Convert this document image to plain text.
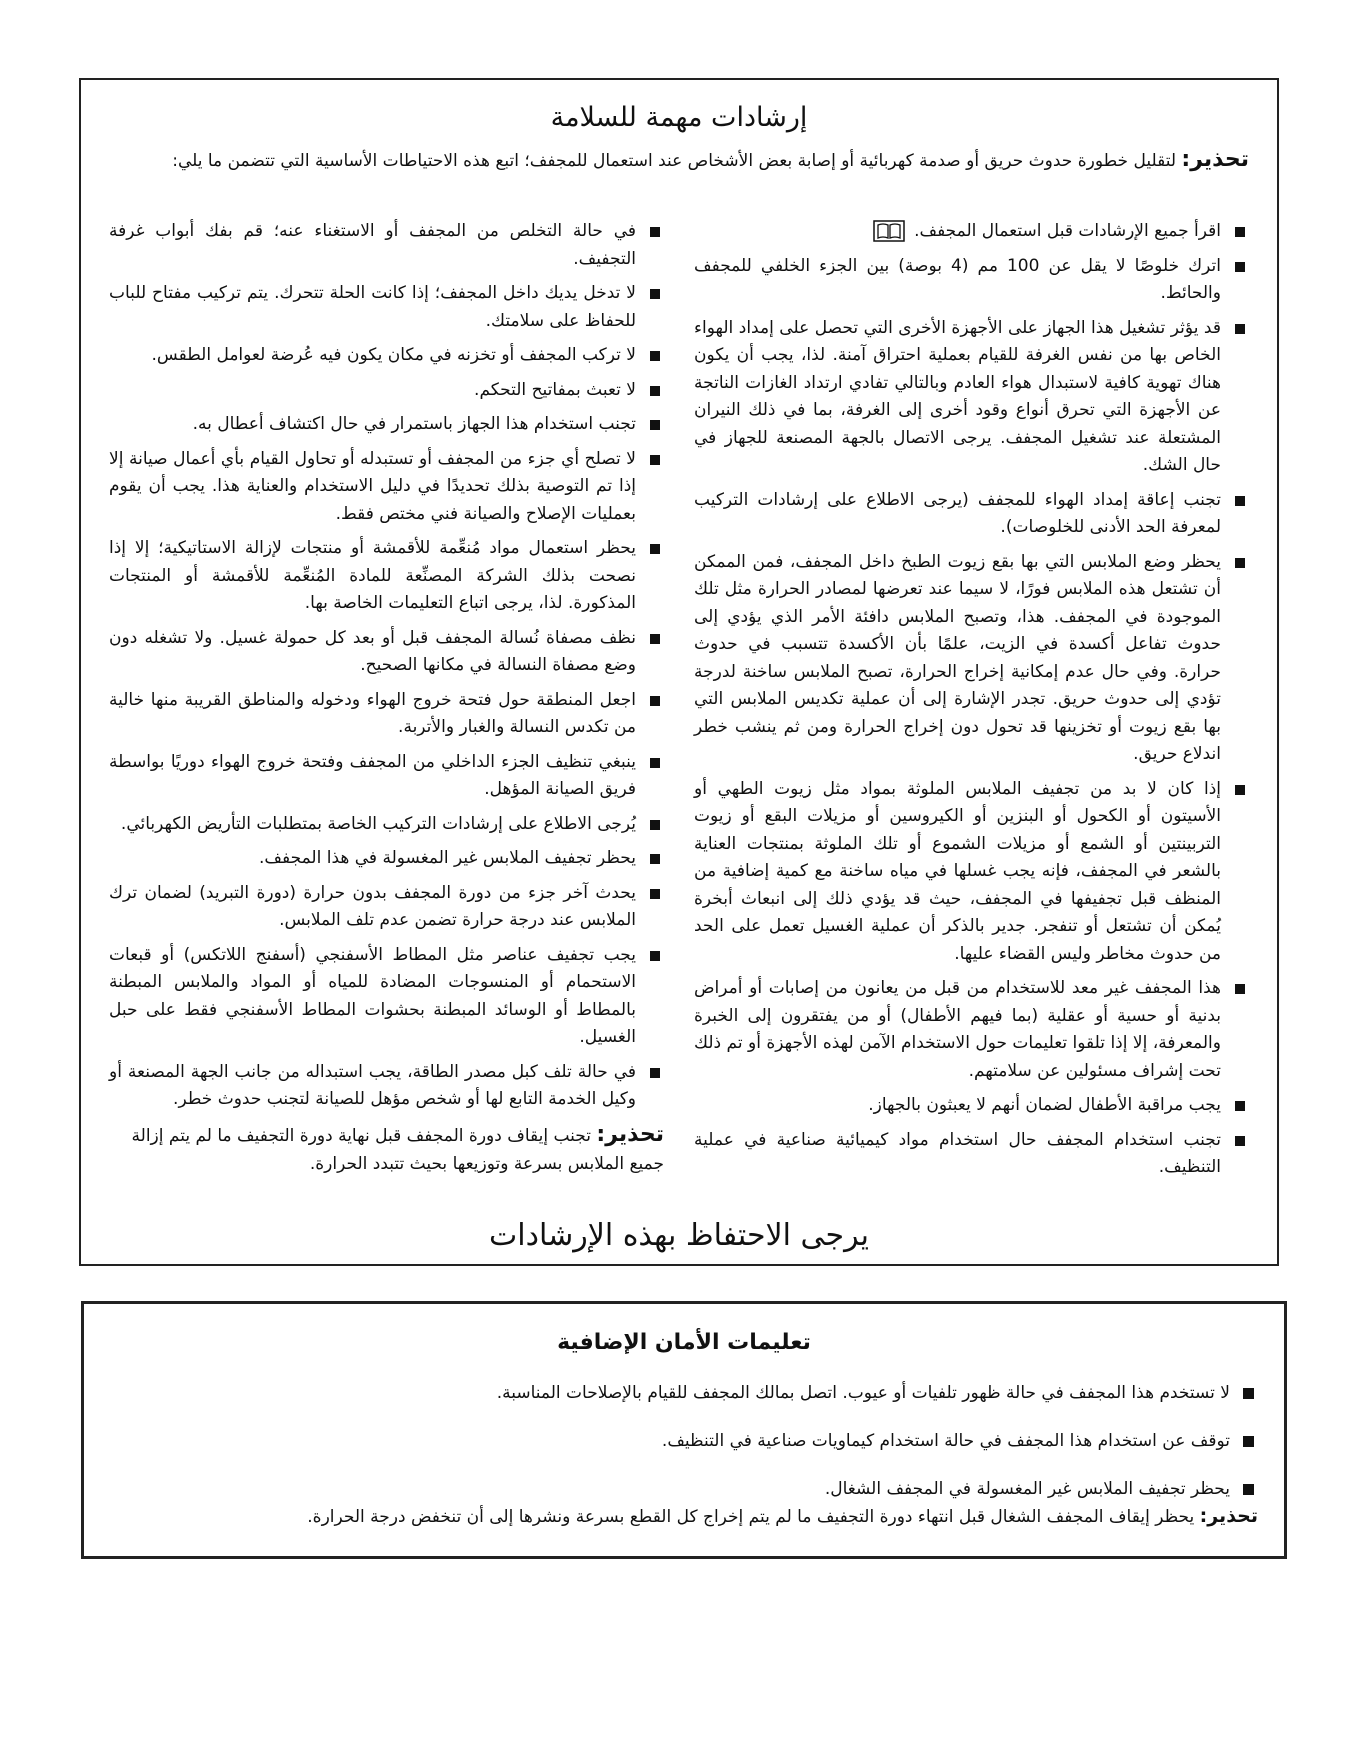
إرشادات مهمة للسلامة
تحذير: لتقليل خطورة حدوث حريق أو صدمة كهربائية أو إصابة بعض الأشخاص عند استعمال للمجفف؛ اتبع هذه الاحتياطات الأساسية التي تتضمن ما يلي:
اقرأ جميع الإرشادات قبل استعمال المجفف.
اترك خلوصًا لا يقل عن 100 مم (4 بوصة) بين الجزء الخلفي للمجفف والحائط.
قد يؤثر تشغيل هذا الجهاز على الأجهزة الأخرى التي تحصل على إمداد الهواء الخاص بها من نفس الغرفة للقيام بعملية احتراق آمنة. لذا، يجب أن يكون هناك تهوية كافية لاستبدال هواء العادم وبالتالي تفادي ارتداد الغازات الناتجة عن الأجهزة التي تحرق أنواع وقود أخرى إلى الغرفة، بما في ذلك النيران المشتعلة عند تشغيل المجفف. يرجى الاتصال بالجهة المصنعة للجهاز في حال الشك.
تجنب إعاقة إمداد الهواء للمجفف (يرجى الاطلاع على إرشادات التركيب لمعرفة الحد الأدنى للخلوصات).
يحظر وضع الملابس التي بها بقع زيوت الطبخ داخل المجفف، فمن الممكن أن تشتعل هذه الملابس فورًا، لا سيما عند تعرضها لمصادر الحرارة مثل تلك الموجودة في المجفف. هذا، وتصبح الملابس دافئة الأمر الذي يؤدي إلى حدوث تفاعل أكسدة في الزيت، علمًا بأن الأكسدة تتسبب في حدوث حرارة. وفي حال عدم إمكانية إخراج الحرارة، تصبح الملابس ساخنة لدرجة تؤدي إلى حدوث حريق. تجدر الإشارة إلى أن عملية تكديس الملابس التي بها بقع زيوت أو تخزينها قد تحول دون إخراج الحرارة ومن ثم ينشب خطر اندلاع حريق.
إذا كان لا بد من تجفيف الملابس الملوثة بمواد مثل زيوت الطهي أو الأسيتون أو الكحول أو البنزين أو الكيروسين أو مزيلات البقع أو زيوت التربينتين أو الشمع أو مزيلات الشموع أو تلك الملوثة بمنتجات العناية بالشعر في المجفف، فإنه يجب غسلها في مياه ساخنة مع كمية إضافية من المنظف قبل تجفيفها في المجفف، حيث قد يؤدي ذلك إلى انبعاث أبخرة يُمكن أن تشتعل أو تنفجر. جدير بالذكر أن عملية الغسيل تعمل على الحد من حدوث مخاطر وليس القضاء عليها.
هذا المجفف غير معد للاستخدام من قبل من يعانون من إصابات أو أمراض بدنية أو حسية أو عقلية (بما فيهم الأطفال) أو من يفتقرون إلى الخبرة والمعرفة، إلا إذا تلقوا تعليمات حول الاستخدام الآمن لهذه الأجهزة أو تم ذلك تحت إشراف مسئولين عن سلامتهم.
يجب مراقبة الأطفال لضمان أنهم لا يعبثون بالجهاز.
تجنب استخدام المجفف حال استخدام مواد كيميائية صناعية في عملية التنظيف.
في حالة التخلص من المجفف أو الاستغناء عنه؛ قم بفك أبواب غرفة التجفيف.
لا تدخل يديك داخل المجفف؛ إذا كانت الحلة تتحرك. يتم تركيب مفتاح للباب للحفاظ على سلامتك.
لا تركب المجفف أو تخزنه في مكان يكون فيه عُرضة لعوامل الطقس.
لا تعبث بمفاتيح التحكم.
تجنب استخدام هذا الجهاز باستمرار في حال اكتشاف أعطال به.
لا تصلح أي جزء من المجفف أو تستبدله أو تحاول القيام بأي أعمال صيانة إلا إذا تم التوصية بذلك تحديدًا في دليل الاستخدام والعناية هذا. يجب أن يقوم بعمليات الإصلاح والصيانة فني مختص فقط.
يحظر استعمال مواد مُنعِّمة للأقمشة أو منتجات لإزالة الاستاتيكية؛ إلا إذا نصحت بذلك الشركة المصنِّعة للمادة المُنعِّمة للأقمشة أو المنتجات المذكورة. لذا، يرجى اتباع التعليمات الخاصة بها.
نظف مصفاة نُسالة المجفف قبل أو بعد كل حمولة غسيل. ولا تشغله دون وضع مصفاة النسالة في مكانها الصحيح.
اجعل المنطقة حول فتحة خروج الهواء ودخوله والمناطق القريبة منها خالية من تكدس النسالة والغبار والأتربة.
ينبغي تنظيف الجزء الداخلي من المجفف وفتحة خروج الهواء دوريًا بواسطة فريق الصيانة المؤهل.
يُرجى الاطلاع على إرشادات التركيب الخاصة بمتطلبات التأريض الكهربائي.
يحظر تجفيف الملابس غير المغسولة في هذا المجفف.
يحدث آخر جزء من دورة المجفف بدون حرارة (دورة التبريد) لضمان ترك الملابس عند درجة حرارة تضمن عدم تلف الملابس.
يجب تجفيف عناصر مثل المطاط الأسفنجي (أسفنج اللاتكس) أو قبعات الاستحمام أو المنسوجات المضادة للمياه أو المواد والملابس المبطنة بالمطاط أو الوسائد المبطنة بحشوات المطاط الأسفنجي فقط على حبل الغسيل.
في حالة تلف كبل مصدر الطاقة، يجب استبداله من جانب الجهة المصنعة أو وكيل الخدمة التابع لها أو شخص مؤهل للصيانة لتجنب حدوث خطر.
تحذير: تجنب إيقاف دورة المجفف قبل نهاية دورة التجفيف ما لم يتم إزالة جميع الملابس بسرعة وتوزيعها بحيث تتبدد الحرارة.
يرجى الاحتفاظ بهذه الإرشادات
تعليمات الأمان الإضافية
لا تستخدم هذا المجفف في حالة ظهور تلفيات أو عيوب. اتصل بمالك المجفف للقيام بالإصلاحات المناسبة.
توقف عن استخدام هذا المجفف في حالة استخدام كيماويات صناعية في التنظيف.
يحظر تجفيف الملابس غير المغسولة في المجفف الشغال.
تحذير: يحظر إيقاف المجفف الشغال قبل انتهاء دورة التجفيف ما لم يتم إخراج كل القطع بسرعة ونشرها إلى أن تنخفض درجة الحرارة.
